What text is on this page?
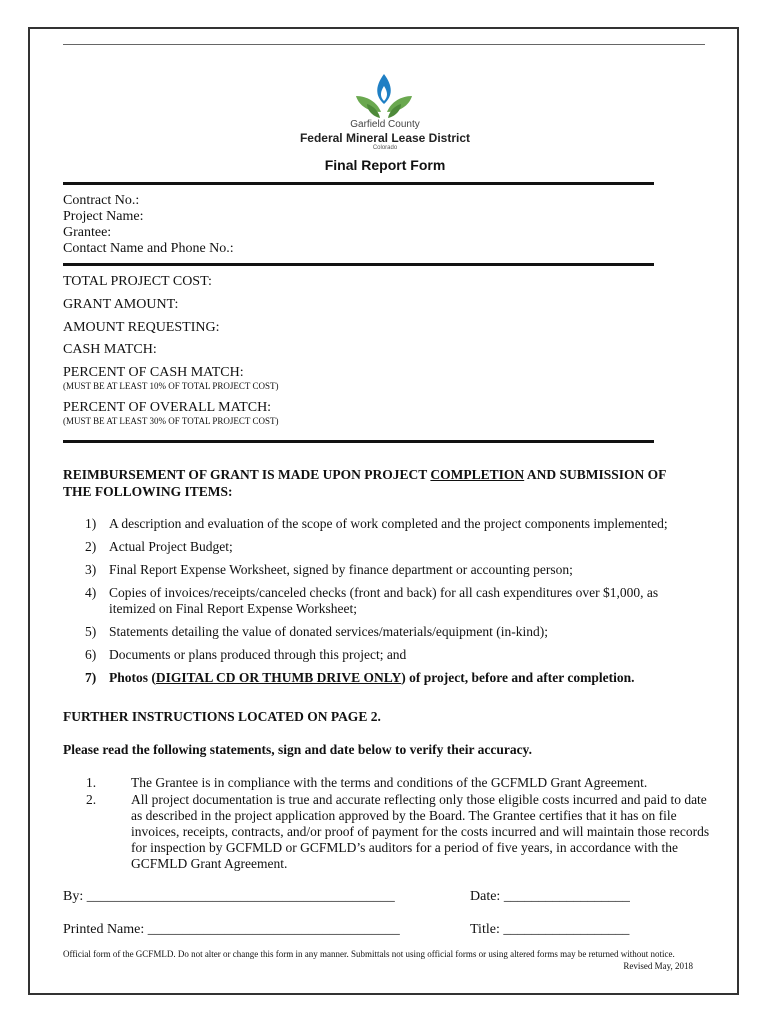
Garfield County
Federal Mineral Lease District
Colorado
Final Report Form
Contract No.:
Project Name:
Grantee:
Contact Name and Phone No.:
TOTAL PROJECT COST:
GRANT AMOUNT:
AMOUNT REQUESTING:
CASH MATCH:
PERCENT OF CASH MATCH:
(MUST BE AT LEAST 10% OF TOTAL PROJECT COST)
PERCENT OF OVERALL MATCH:
(MUST BE AT LEAST 30% OF TOTAL PROJECT COST)
REIMBURSEMENT OF GRANT IS MADE UPON PROJECT COMPLETION AND SUBMISSION OF
THE FOLLOWING ITEMS:
1) A description and evaluation of the scope of work completed and the project components implemented;
2) Actual Project Budget;
3) Final Report Expense Worksheet, signed by finance department or accounting person;
4) Copies of invoices/receipts/canceled checks (front and back) for all cash expenditures over $1,000, as itemized on Final Report Expense Worksheet;
5) Statements detailing the value of donated services/materials/equipment (in-kind);
6) Documents or plans produced through this project; and
7) Photos (DIGITAL CD OR THUMB DRIVE ONLY) of project, before and after completion.
FURTHER INSTRUCTIONS LOCATED ON PAGE 2.
Please read the following statements, sign and date below to verify their accuracy.
1.	The Grantee is in compliance with the terms and conditions of the GCFMLD Grant Agreement.
2.	All project documentation is true and accurate reflecting only those eligible costs incurred and paid to date as described in the project application approved by the Board. The Grantee certifies that it has on file invoices, receipts, contracts, and/or proof of payment for the costs incurred and will maintain those records for inspection by GCFMLD or GCFMLD’s auditors for a period of five years, in accordance with the GCFMLD Grant Agreement.
By: ____________________________________________	Date: __________________
Printed Name: ____________________________________	Title: __________________
Official form of the GCFMLD. Do not alter or change this form in any manner. Submittals not using official forms or using altered forms may be returned without notice.
Revised May, 2018
